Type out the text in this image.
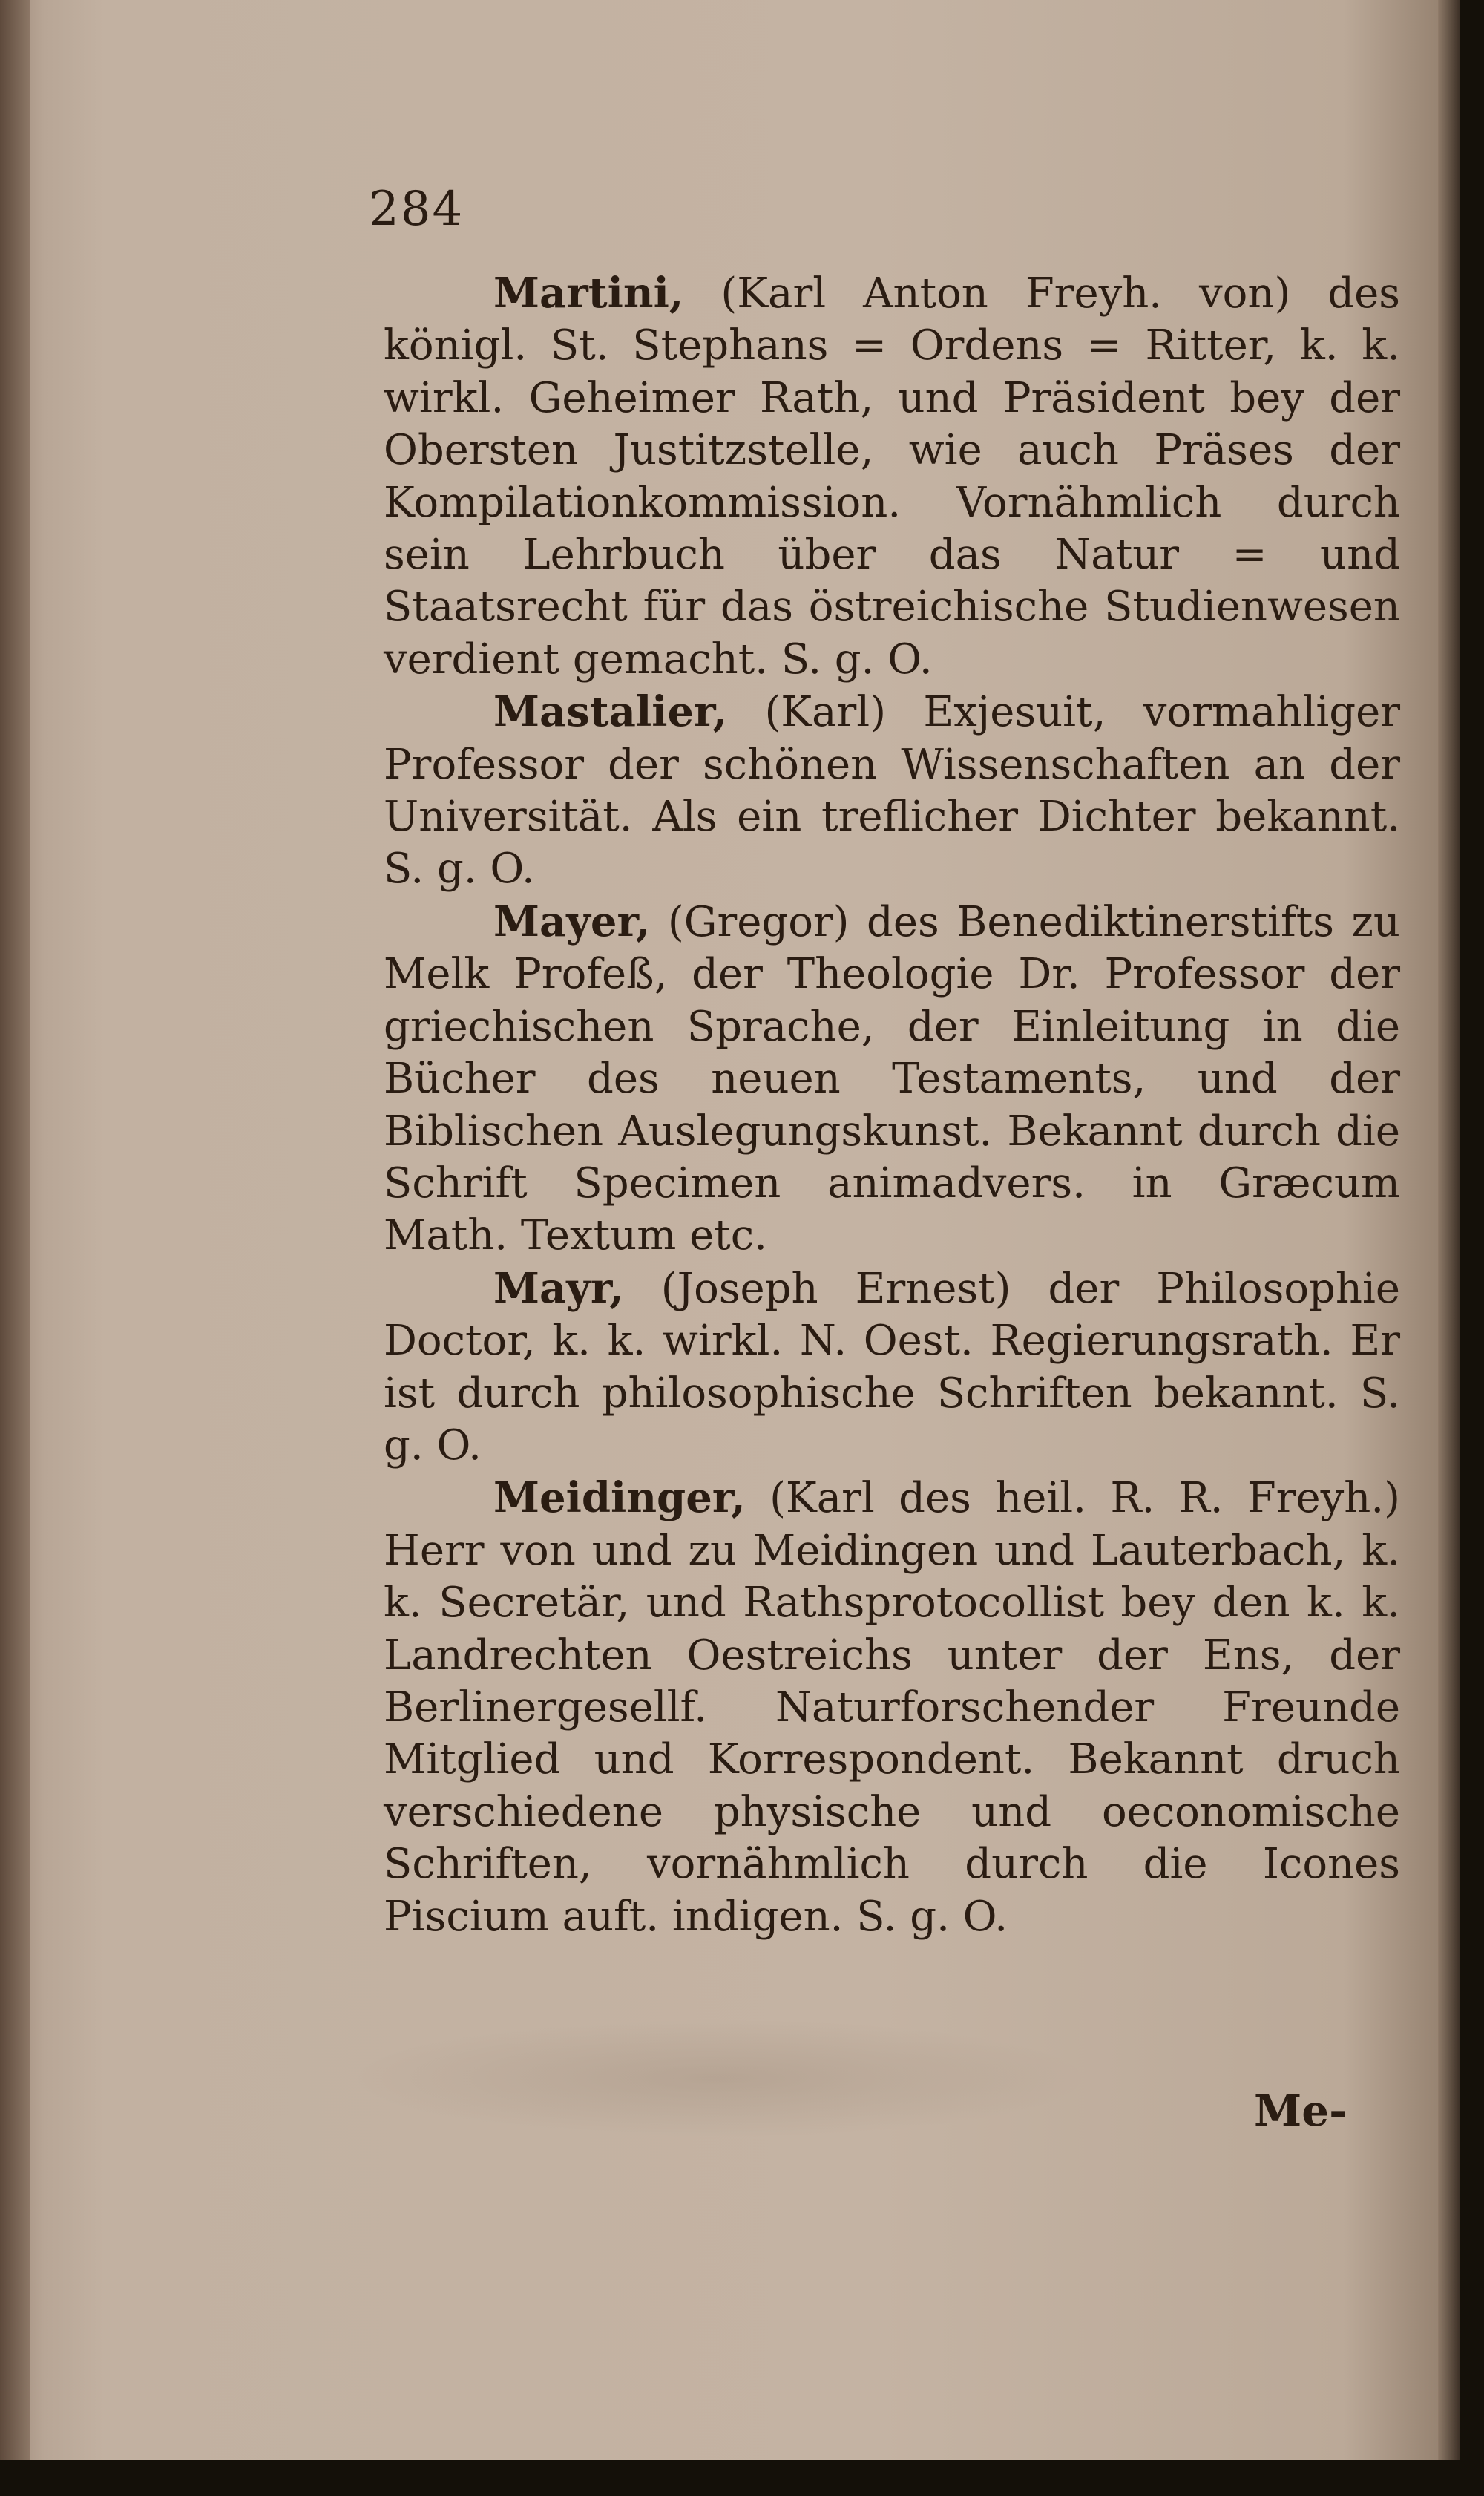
284

Martini, (Karl Anton Freyh. von) des königl. St. Stephans = Ordens = Ritter, k. k. wirkl. Geheimer Rath, und Präsident bey der Obersten Justitzstelle, wie auch Präses der Kompilationkommission. Vornähmlich durch sein Lehrbuch über das Natur = und Staatsrecht für das östreichische Studienwesen verdient gemacht. S. g. O.

Mastalier, (Karl) Exjesuit, vormahliger Professor der schönen Wissenschaften an der Universität. Als ein treflicher Dichter bekannt. S. g. O.

Mayer, (Gregor) des Benediktinerstifts zu Melk Profeß, der Theologie Dr. Professor der griechischen Sprache, der Einleitung in die Bücher des neuen Testaments, und der Biblischen Auslegungskunst. Bekannt durch die Schrift Specimen animadvers. in Græcum Math. Textum etc.

Mayr, (Joseph Ernest) der Philosophie Doctor, k. k. wirkl. N. Oest. Regierungsrath. Er ist durch philosophische Schriften bekannt. S. g. O.

Meidinger, (Karl des heil. R. R. Freyh.) Herr von und zu Meidingen und Lauterbach, k. k. Secretär, und Rathsprotocollist bey den k. k. Landrechten Oestreichs unter der Ens, der Berlinergesellf. Naturforschender Freunde Mitglied und Korrespondent. Bekannt druch verschiedene physische und oeconomische Schriften, vornähmlich durch die Icones Piscium auft. indigen. S. g. O.

Me-
